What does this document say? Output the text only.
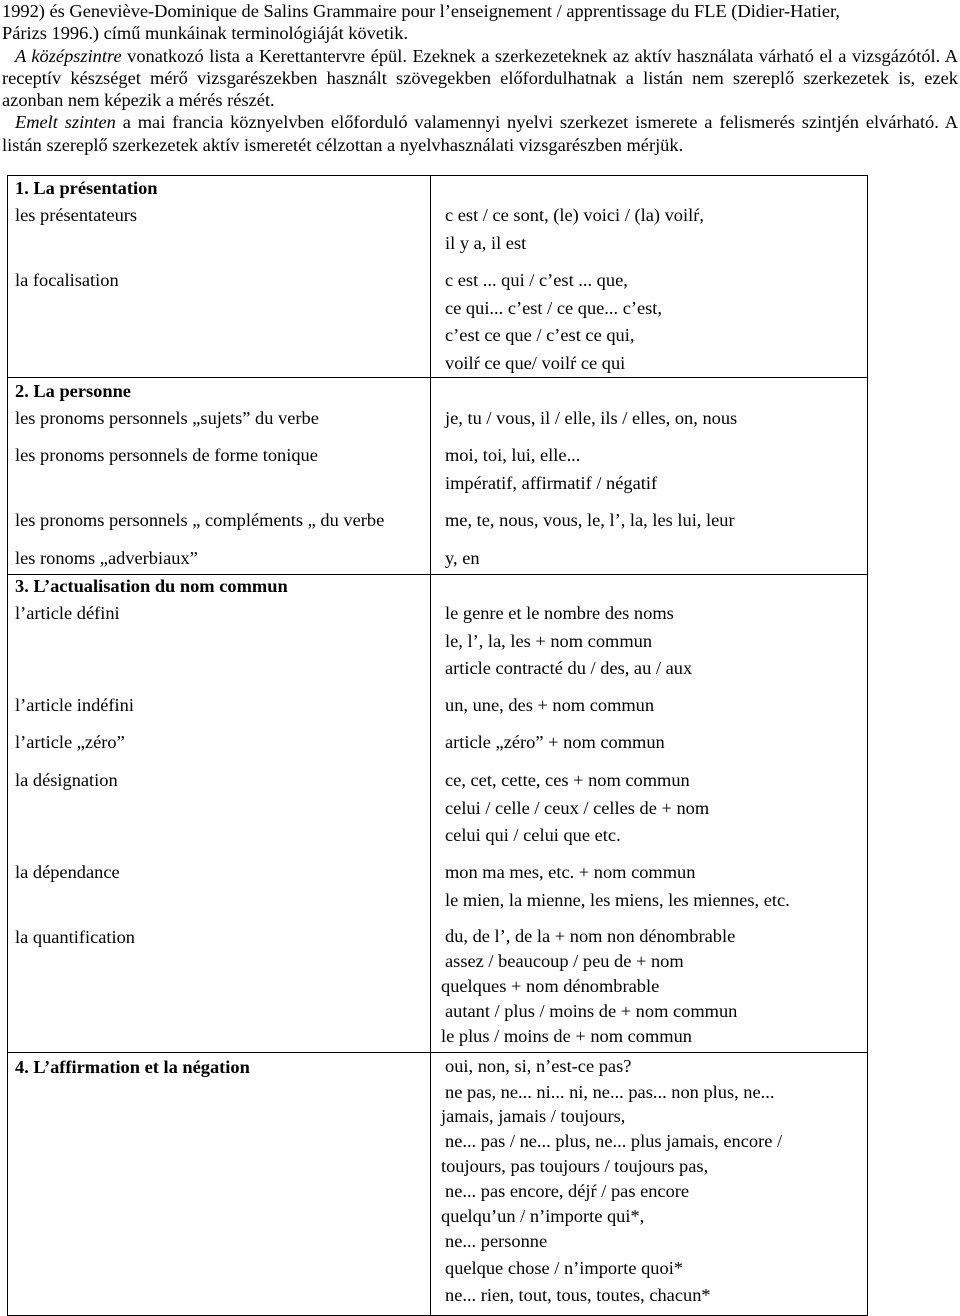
1992) és Geneviève-Dominique de Salins Grammaire pour l’enseignement / apprentissage du FLE (Didier-Hatier,
Párizs 1996.) című munkáinak terminológiáját követik.

A középszintre vonatkozó lista a Kerettantervre épül. Ezeknek a szerkezeteknek az aktív használata várható el a vizsgázótól. A receptív készséget mérő vizsgarészekben használt szövegekben előfordulhatnak a listán nem szereplő szerkezetek is, ezek azonban nem képezik a mérés részét.

Emelt szinten a mai francia köznyelvben előforduló valamennyi nyelvi szerkezet ismerete a felismerés szintjén elvárható. A listán szereplő szerkezetek aktív ismeretét célzottan a nyelvhasználati vizsgarészben mérjük.

1. La présentation
les présentateurs	c est / ce sont, (le) voici / (la) voilŕ,
il y a, il est
la focalisation	c est ... qui / c’est ... que,
ce qui... c’est / ce que... c’est,
c’est ce que / c’est ce qui,
voilŕ ce que/ voilŕ ce qui
2. La personne
les pronoms personnels „sujets” du verbe	je, tu / vous, il / elle, ils / elles, on, nous
les pronoms personnels de forme tonique	moi, toi, lui, elle...
impératif, affirmatif / négatif
les pronoms personnels „ compléments „ du verbe	me, te, nous, vous, le, l’, la, les lui, leur
les ronoms „adverbiaux”	y, en
3. L’actualisation du nom commun
l’article défini	le genre et le nombre des noms
le, l’, la, les + nom commun
article contracté du / des, au / aux
l’article indéfini	un, une, des + nom commun
l’article „zéro”	article „zéro” + nom commun
la désignation	ce, cet, cette, ces + nom commun
celui / celle / ceux / celles de + nom
celui qui / celui que etc.
la dépendance	mon ma mes, etc. + nom commun
le mien, la mienne, les miens, les miennes, etc.
la quantification	du, de l’, de la + nom non dénombrable
assez / beaucoup / peu de + nom
quelques + nom dénombrable
autant / plus / moins de + nom commun
le plus / moins de + nom commun
4. L’affirmation et la négation	oui, non, si, n’est-ce pas?
ne pas, ne... ni... ni, ne... pas... non plus, ne...
jamais, jamais / toujours,
ne... pas / ne... plus, ne... plus jamais, encore /
toujours, pas toujours / toujours pas,
ne... pas encore, déjŕ / pas encore
quelqu’un / n’importe qui*,
ne... personne
quelque chose / n’importe quoi*
ne... rien, tout, tous, toutes, chacun*
